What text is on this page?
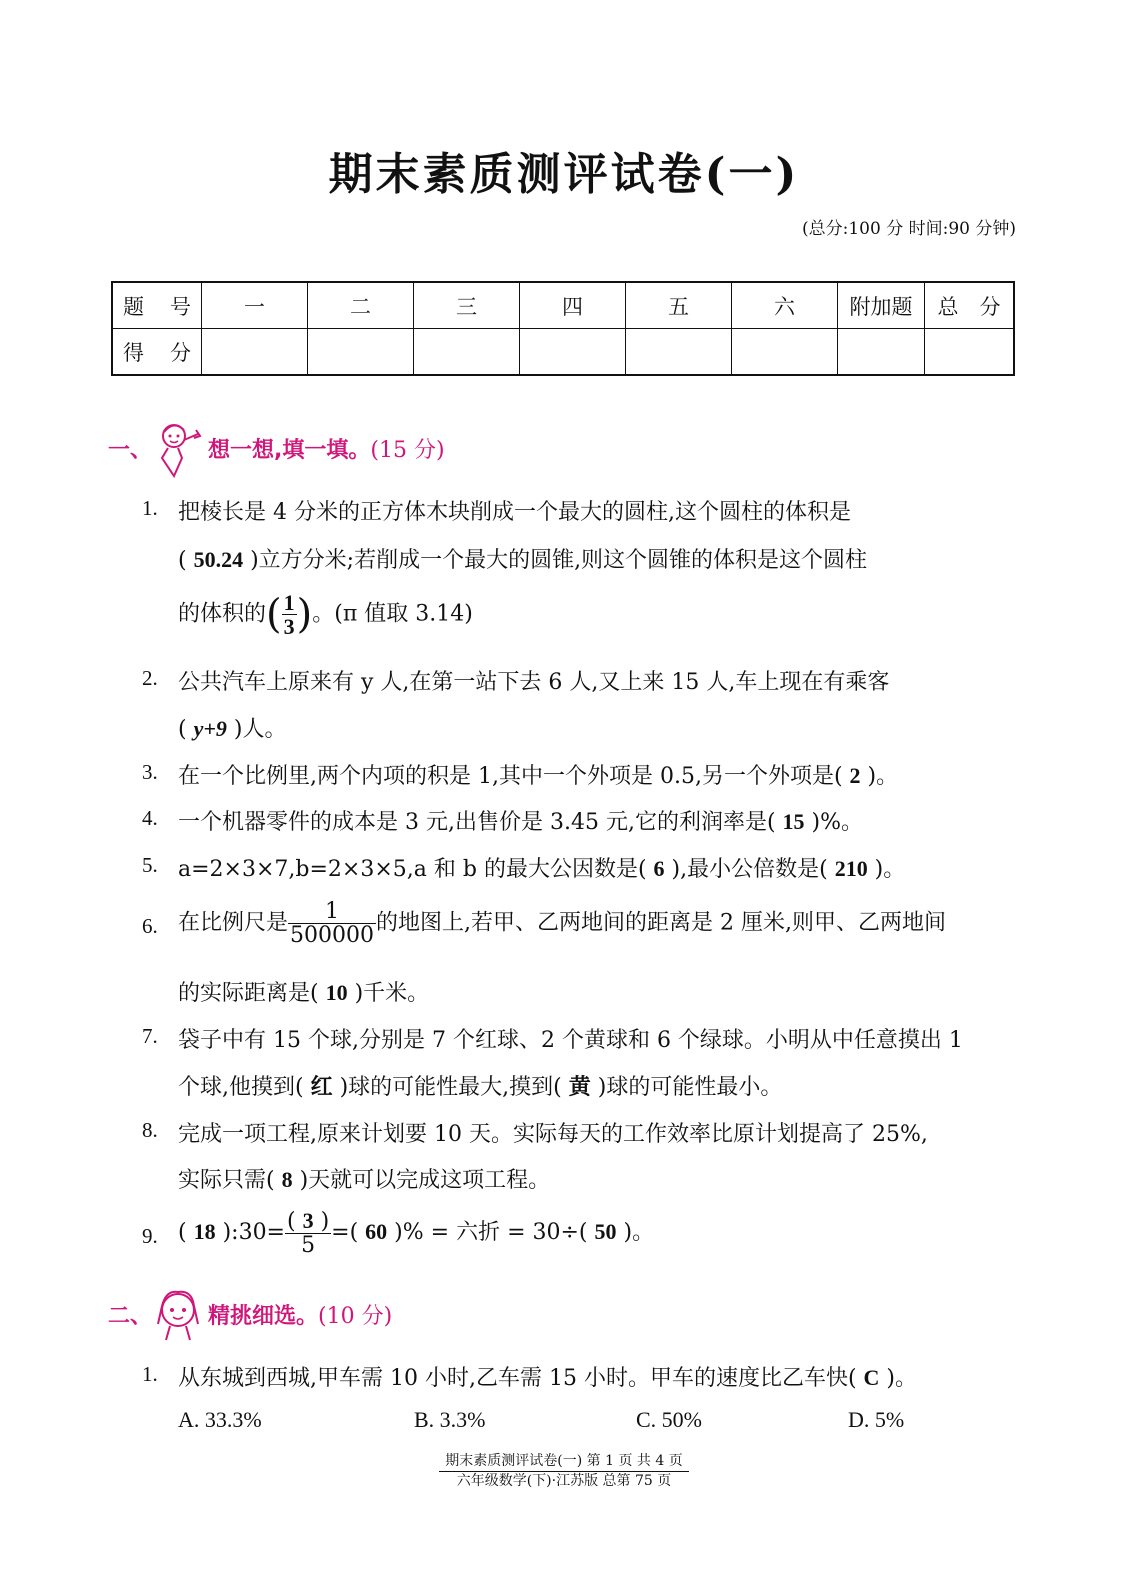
期末素质测评试卷(一)
(总分:100 分 时间:90 分钟)
题　号	一	二	三	四	五	六	附加题	总　分
得　分								
一、	想一想,填一填。 (15 分)
1. 把棱长是 4 分米的正方体木块削成一个最大的圆柱,这个圆柱的体积是
( 50.24 )立方分米;若削成一个最大的圆锥,则这个圆锥的体积是这个圆柱
的体积的( $\frac{1}{3}$ )。(π 值取 3.14)
2. 公共汽车上原来有 y 人,在第一站下去 6 人,又上来 15 人,车上现在有乘客
( y+9 )人。
3. 在一个比例里,两个内项的积是 1,其中一个外项是 0.5,另一个外项是( 2 )。
4. 一个机器零件的成本是 3 元,出售价是 3.45 元,它的利润率是( 15 )%。
5. a=2×3×7,b=2×3×5,a 和 b 的最大公因数是( 6 ),最小公倍数是( 210 )。
6. 在比例尺是 $\frac{1}{500000}$ 的地图上,若甲、乙两地间的距离是 2 厘米,则甲、乙两地间
的实际距离是( 10 )千米。
7. 袋子中有 15 个球,分别是 7 个红球、2 个黄球和 6 个绿球。小明从中任意摸出 1
个球,他摸到( 红 )球的可能性最大,摸到( 黄 )球的可能性最小。
8. 完成一项工程,原来计划要 10 天。实际每天的工作效率比原计划提高了 25%,
实际只需( 8 )天就可以完成这项工程。
9. ( 18 ):30= $\frac{( 3 )}{5}$ =( 60 )% = 六折 = 30÷( 50 )。
二、	精挑细选。 (10 分)
1. 从东城到西城,甲车需 10 小时,乙车需 15 小时。甲车的速度比乙车快( C )。
A. 33.3%	B. 3.3%	C. 50%	D. 5%
期末素质测评试卷(一) 第 1 页 共 4 页
六年级数学(下)·江苏版 总第 75 页
